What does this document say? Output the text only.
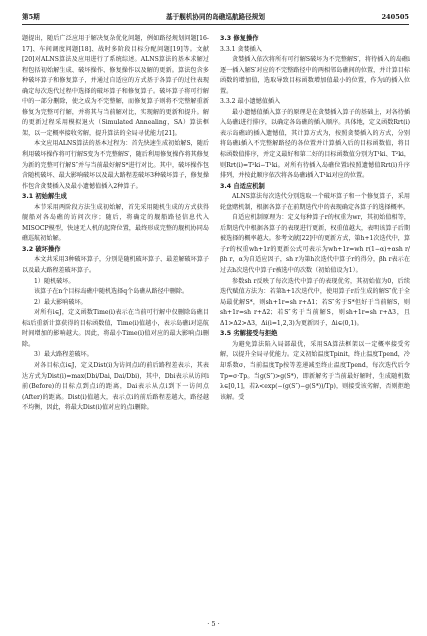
第5期	基于舰机协同的岛礁巡航路径规划	240505

题提出，随后广泛应用于解决复杂优化问题，例如路径规划问题[16-17]、车间调度问题[18]、战时多阶段目标分配问题[19]等。文献[20]对ALNS算法及应用进行了系统综述。ALNS算法的基本求解过程包括初始解生成、破坏操作、修复操作以及解的更新。算法包含多种破坏算子和修复算子，并通过自适应的方式基于各算子的过往表现确定每次迭代过程中选择的破坏算子和修复算子。破坏算子将可行解中的一部分删除，使之成为不完整解，而修复算子则将不完整解重新修复为完整可行解，并将其与当前解对比，实现解的更新和提升。解的更新过程采用模拟退火（Simulated Annealing，SA）算法框架，以一定概率接收劣解，提升算法的全局寻优能力[21]。

本文应用ALNS算法的基本过程为：首先快速生成初始解S，随后利用破坏操作将可行解S变为不完整解S′，随后利用修复操作将其修复为新的完整可行解S″并与当前最好解S*进行对比。其中，破坏操作包含随机破坏、最大影响破坏以及最大路程差破坏3种破坏算子，修复操作包含贪婪插入及最小遗憾值插入2种算子。

3.1 初始解生成

本节采用两阶段方法生成初始解，首先采用随机生成的方式获得舰船对各岛礁的访问次序；随后，将确定的舰船路径信息代入MISOCP模型，快速无人机的起降位置，最终形成完整的舰机协同岛礁巡航初始解。

3.2 破坏操作

本文共采用3种破坏算子，分别是随机破坏算子、最差解破坏算子以及最大路程差破坏算子。

1）随机破坏。

该算子在n个目标岛礁中随机选择q个岛礁从路径中删除。

2）最大影响破坏。

对所有i∈J，定义函数Time(i)表示在当前可行解中仅删除岛礁目标i后重新计算获得的目标函数值，Time(i)值越小，表示岛礁i对巡航时间增加的影响越大。因此，将最小Time(i)值对应的最大影响点i删除。

3）最大路程差破坏。

对各目标点i∈J，定义Dist(i)为访问点i的前后路程差表示，其表达方式为Dist(i)=max(Dbi/Dai, Dai/Dbi)，其中，Dbi表示从访问i前(Before)的目标点到点i的距离，Dai表示从点i到下一访问点(After)的距离。Dist(i)值越大，表示点i的前后路程差越大，路径越不均衡，因此，将最大Dist(i)值对应的点i删除。

3.3 修复操作

3.3.1 贪婪插入

贪婪插入依次将所有可行解S破坏为不完整解S′，将待插入的岛礁i逐一插入解S′对应的不完整路径中的两相邻岛礁间的位置，并计算目标函数的增加值，选取导致目标函数增加值最小的位置，作为i的插入位置。

3.3.2 最小遗憾值插入

最小遗憾值插入算子的原理是在贪婪插入算子的基础上，对各待插入岛礁i进行排序，以确定各岛礁的插入顺序。具体地，定义函数Rrt(i)表示岛礁i的插入遗憾值，其计算方式为，按照贪婪插入的方式，分别将岛礁i插入不完整解路径的各位置并计算插入后的目标函数值，将目标函数值排序，并定义最好和第二好的目标函数值分别为T¹ki、T²ki，则Rrt(i)=T²ki−T¹ki。对所有待插入岛礁位置i按照遗憾值Rrt(i)升序排列，并按此顺序依次将各岛礁i插入T¹ki对应的位置。

3.4 自适应机制

ALNS算法每次迭代分别选取一个破坏算子和一个修复算子，采用轮盘赌机制，根据各算子在前期迭代中的表现确定各算子的选择概率。

自适应机制原理为：定义每种算子r的权重为wr，其初始值相等，后期迭代中根据各算子的表现进行更新，权重值越大，表明该算子后期被选择的概率越大。参考文献[22]中的更新方式，第h+1次迭代中，算子r的权重wh+1r的更新公式可表示为wh+1r=wh r(1−α)+αsh r/βh r，α为自适应因子，sh r为第h次迭代中算子r的得分，βh r表示在过去h次迭代中算子r被选中的次数（初始值设为1）。

参数sh r反映了每次迭代中算子的表现优劣，其初始值为0，后续迭代赋值方法为：若第h+1次迭代中，使用算子r后生成的解S″优于全局最优解S*，则sh+1r=sh r+Δ1；若S″劣于S*但好于当前解S，则sh+1r=sh r+Δ2；若S″劣于当前解S，则sh+1r=sh r+Δ3，且Δ1>Δ2>Δ3，Δi(i=1,2,3)为更新因子，Δi∈(0,1)。

3.5 劣解接受与拒绝

为避免算法陷入局部最优，采用SA算法框架以一定概率接受劣解，以提升全局寻优能力。定义初始温度Tpinit，终止温度Tpend，冷却系数σ，当前温度Tp按等差递减至终止温度Tpend，每次迭代后令Tp=σ·Tp。当g(S″)>g(S*)，即新解劣于当前最好解时，生成随机数λ∈[0,1]，若λ<exp(−(g(S″)−g(S*))/Tp)，则接受该劣解，否则拒绝该解。受

· 5 ·
